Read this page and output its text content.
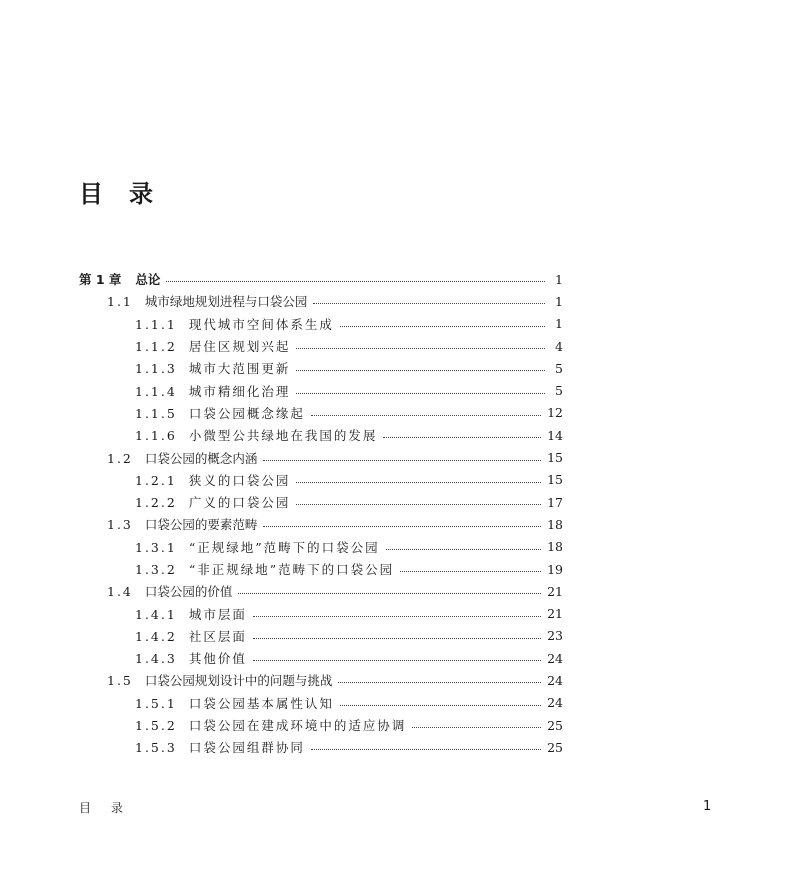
目 录
第 1 章 总论	1
1.1 城市绿地规划进程与口袋公园	1
1.1.1 现代城市空间体系生成	1
1.1.2 居住区规划兴起	4
1.1.3 城市大范围更新	5
1.1.4 城市精细化治理	5
1.1.5 口袋公园概念缘起	12
1.1.6 小微型公共绿地在我国的发展	14
1.2 口袋公园的概念内涵	15
1.2.1 狭义的口袋公园	15
1.2.2 广义的口袋公园	17
1.3 口袋公园的要素范畴	18
1.3.1 “正规绿地”范畴下的口袋公园	18
1.3.2 “非正规绿地”范畴下的口袋公园	19
1.4 口袋公园的价值	21
1.4.1 城市层面	21
1.4.2 社区层面	23
1.4.3 其他价值	24
1.5 口袋公园规划设计中的问题与挑战	24
1.5.1 口袋公园基本属性认知	24
1.5.2 口袋公园在建成环境中的适应协调	25
1.5.3 口袋公园组群协同	25
目 录	1
